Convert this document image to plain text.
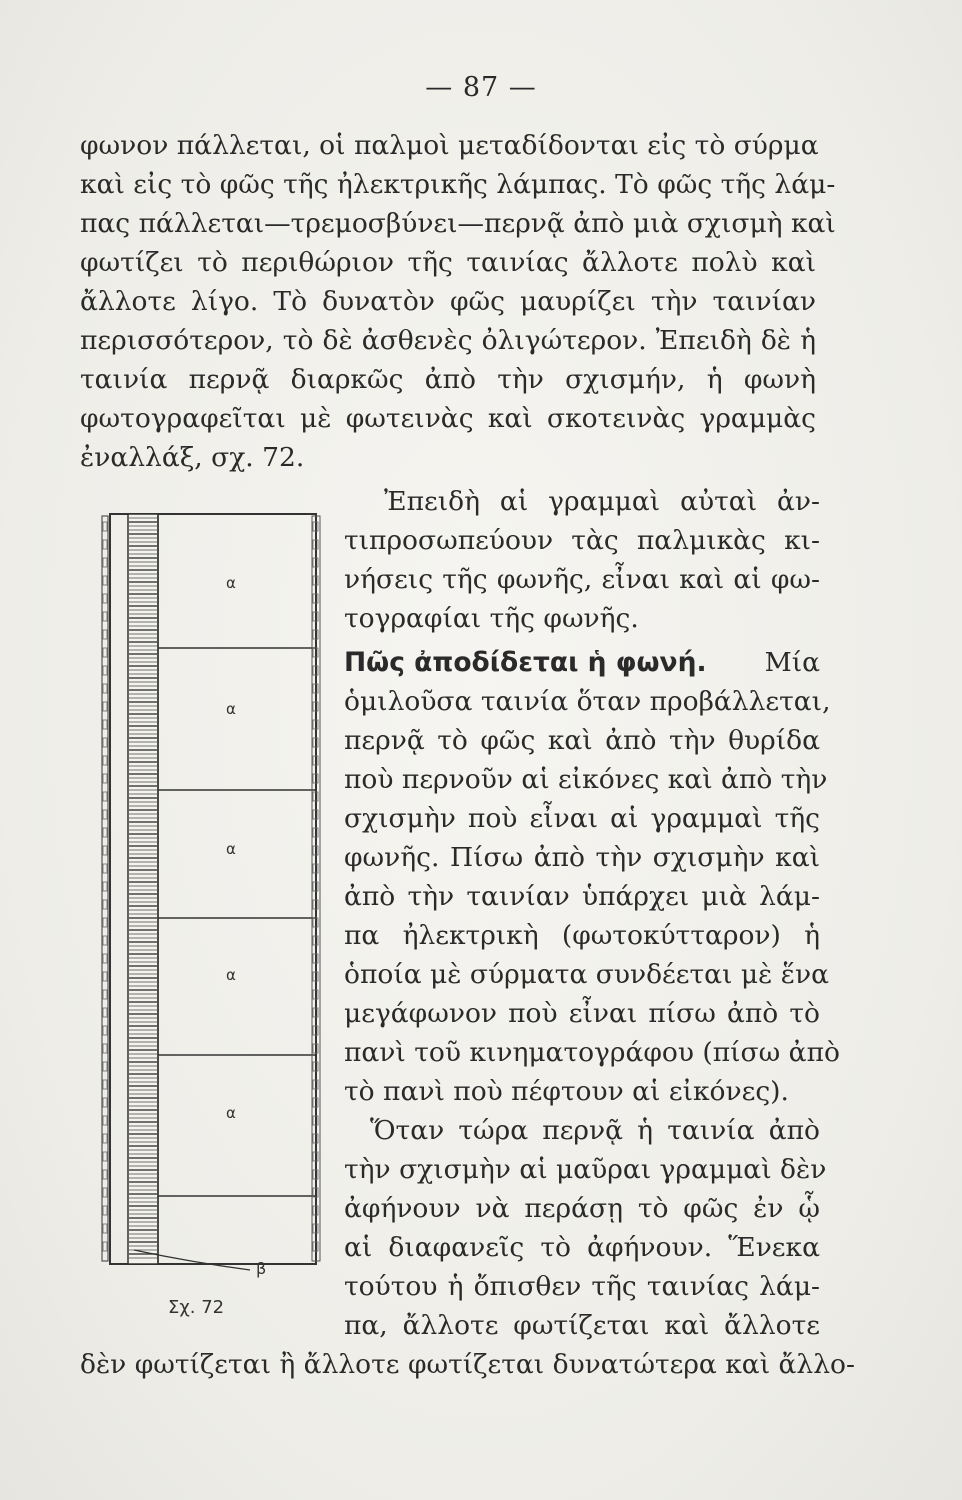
— 87 —
φωνον πάλλεται, οἱ παλμοὶ μεταδίδονται εἰς τὸ σύρμα
καὶ εἰς τὸ φῶς τῆς ἠλεκτρικῆς λάμπας. Τὸ φῶς τῆς λάμ-
πας πάλλεται—τρεμοσβύνει—περνᾷ ἀπὸ μιὰ σχισμὴ καὶ
φωτίζει τὸ περιθώριον τῆς ταινίας ἄλλοτε πολὺ καὶ
ἄλλοτε λίγο. Τὸ δυνατὸν φῶς μαυρίζει τὴν ταινίαν
περισσότερον, τὸ δὲ ἀσθενὲς ὀλιγώτερον. Ἐπειδὴ δὲ ἡ
ταινία περνᾷ διαρκῶς ἀπὸ τὴν σχισμήν, ἡ φωνὴ
φωτογραφεῖται μὲ φωτεινὰς καὶ σκοτεινὰς γραμμὰς
ἐναλλάξ, σχ. 72.
Ἐπειδὴ αἱ γραμμαὶ αὐταὶ ἀν-
τιπροσωπεύουν τὰς παλμικὰς κι-
νήσεις τῆς φωνῆς, εἶναι καὶ αἱ φω-
τογραφίαι τῆς φωνῆς.
Πῶς ἀποδίδεται ἡ φωνή. Μία
ὁμιλοῦσα ταινία ὅταν προβάλλεται,
περνᾷ τὸ φῶς καὶ ἀπὸ τὴν θυρίδα
ποὺ περνοῦν αἱ εἰκόνες καὶ ἀπὸ τὴν
σχισμὴν ποὺ εἶναι αἱ γραμμαὶ τῆς
φωνῆς. Πίσω ἀπὸ τὴν σχισμὴν καὶ
ἀπὸ τὴν ταινίαν ὑπάρχει μιὰ λάμ-
πα ἠλεκτρικὴ (φωτοκύτταρον) ἡ
ὁποία μὲ σύρματα συνδέεται μὲ ἕνα
μεγάφωνον ποὺ εἶναι πίσω ἀπὸ τὸ
πανὶ τοῦ κινηματογράφου (πίσω ἀπὸ
τὸ πανὶ ποὺ πέφτουν αἱ εἰκόνες).
Ὅταν τώρα περνᾷ ἡ ταινία ἀπὸ
τὴν σχισμὴν αἱ μαῦραι γραμμαὶ δὲν
ἀφήνουν νὰ περάσῃ τὸ φῶς ἐν ᾧ
αἱ διαφανεῖς τὸ ἀφήνουν. Ἕνεκα
τούτου ἡ ὄπισθεν τῆς ταινίας λάμ-
πα, ἄλλοτε φωτίζεται καὶ ἄλλοτε
δὲν φωτίζεται ἢ ἄλλοτε φωτίζεται δυνατώτερα καὶ ἄλλο-
α
α
α
α
α
β
Σχ. 72
